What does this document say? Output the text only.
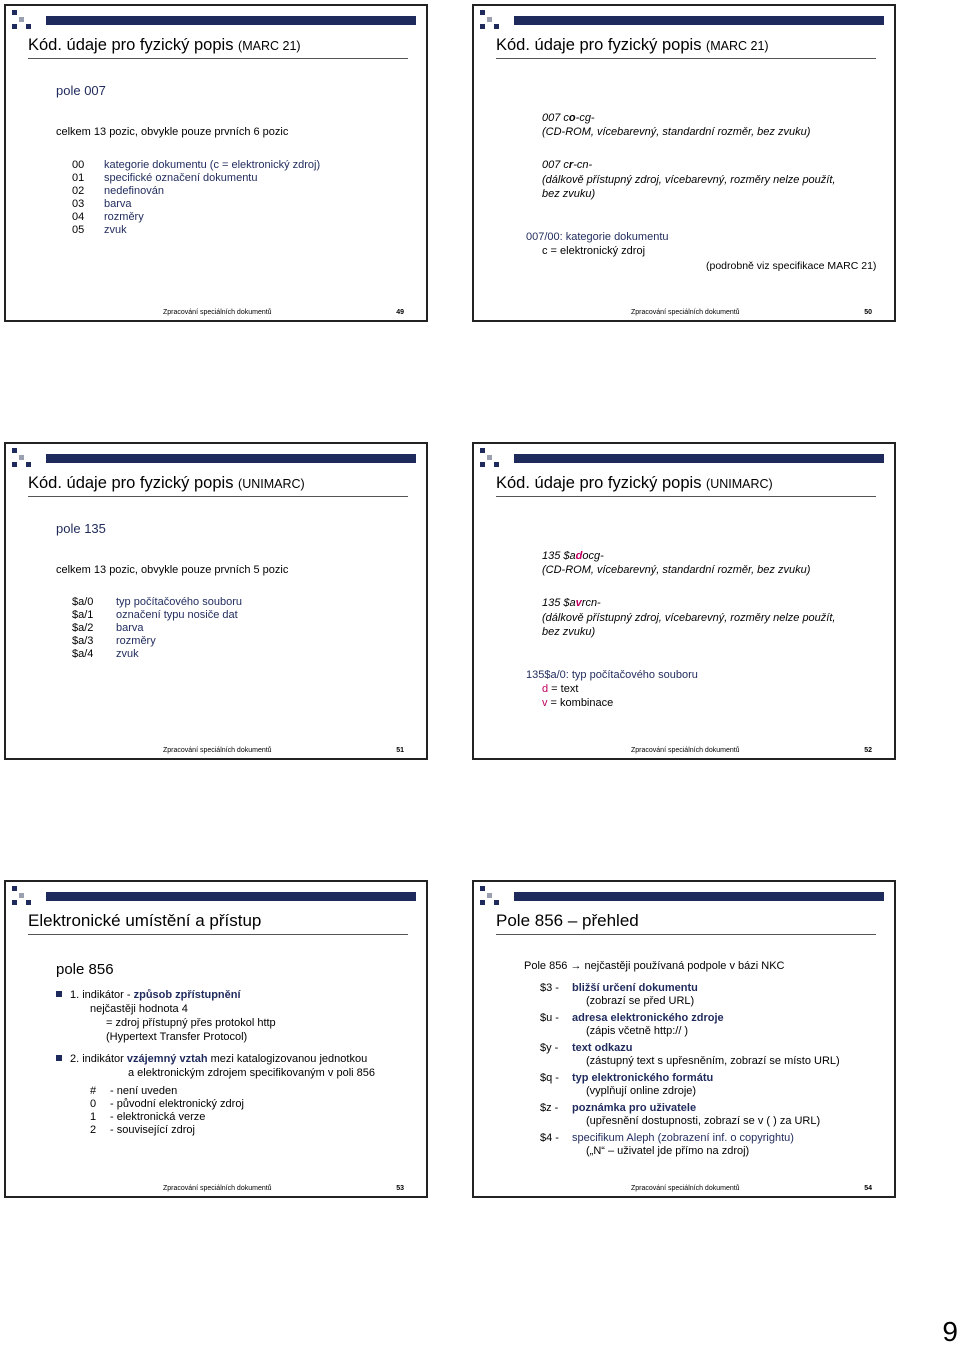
Kód. údaje pro fyzický popis (MARC 21)
pole 007
celkem 13 pozic, obvykle pouze prvních 6 pozic
00 kategorie dokumentu (c = elektronický zdroj)
01 specifické označení dokumentu
02 nedefinován
03 barva
04 rozměry
05 zvuk
Zpracování speciálních dokumentů	49
Kód. údaje pro fyzický popis (MARC 21)
007 co-cg-
(CD-ROM, vícebarevný, standardní rozměr, bez zvuku)
007 cr-cn-
(dálkově přístupný zdroj, vícebarevný, rozměry nelze použít,
bez zvuku)
007/00: kategorie dokumentu
c = elektronický zdroj
(podrobně viz specifikace MARC 21)
Zpracování speciálních dokumentů	50
Kód. údaje pro fyzický popis (UNIMARC)
pole 135
celkem 13 pozic, obvykle pouze prvních 5 pozic
$a/0 typ počítačového souboru
$a/1 označení typu nosiče dat
$a/2 barva
$a/3 rozměry
$a/4 zvuk
Zpracování speciálních dokumentů	51
Kód. údaje pro fyzický popis (UNIMARC)
135 $adocg-
(CD-ROM, vícebarevný, standardní rozměr, bez zvuku)
135 $avrcn-
(dálkově přístupný zdroj, vícebarevný, rozměry nelze použít,
bez zvuku)
135$a/0: typ počítačového souboru
d = text
v = kombinace
Zpracování speciálních dokumentů	52
Elektronické umístění a přístup
pole 856
1. indikátor - způsob zpřístupnění
nejčastěji hodnota 4
= zdroj přístupný přes protokol http
(Hypertext Transfer Protocol)
2. indikátor vzájemný vztah mezi katalogizovanou jednotkou
a elektronickým zdrojem specifikovaným v poli 856
# - není uveden
0 - původní elektronický zdroj
1 - elektronická verze
2 - související zdroj
Zpracování speciálních dokumentů	53
Pole 856 – přehled
Pole 856 → nejčastěji používaná podpole v bázi NKC
$3 - bližší určení dokumentu
(zobrazí se před URL)
$u - adresa elektronického zdroje
(zápis včetně http:// )
$y - text odkazu
(zástupný text s upřesněním, zobrazí se místo URL)
$q - typ elektronického formátu
(vyplňují online zdroje)
$z - poznámka pro uživatele
(upřesnění dostupnosti, zobrazí se v ( ) za URL)
$4 - specifikum Aleph (zobrazení inf. o copyrightu)
(„N“ – uživatel jde přímo na zdroj)
Zpracování speciálních dokumentů	54
9
